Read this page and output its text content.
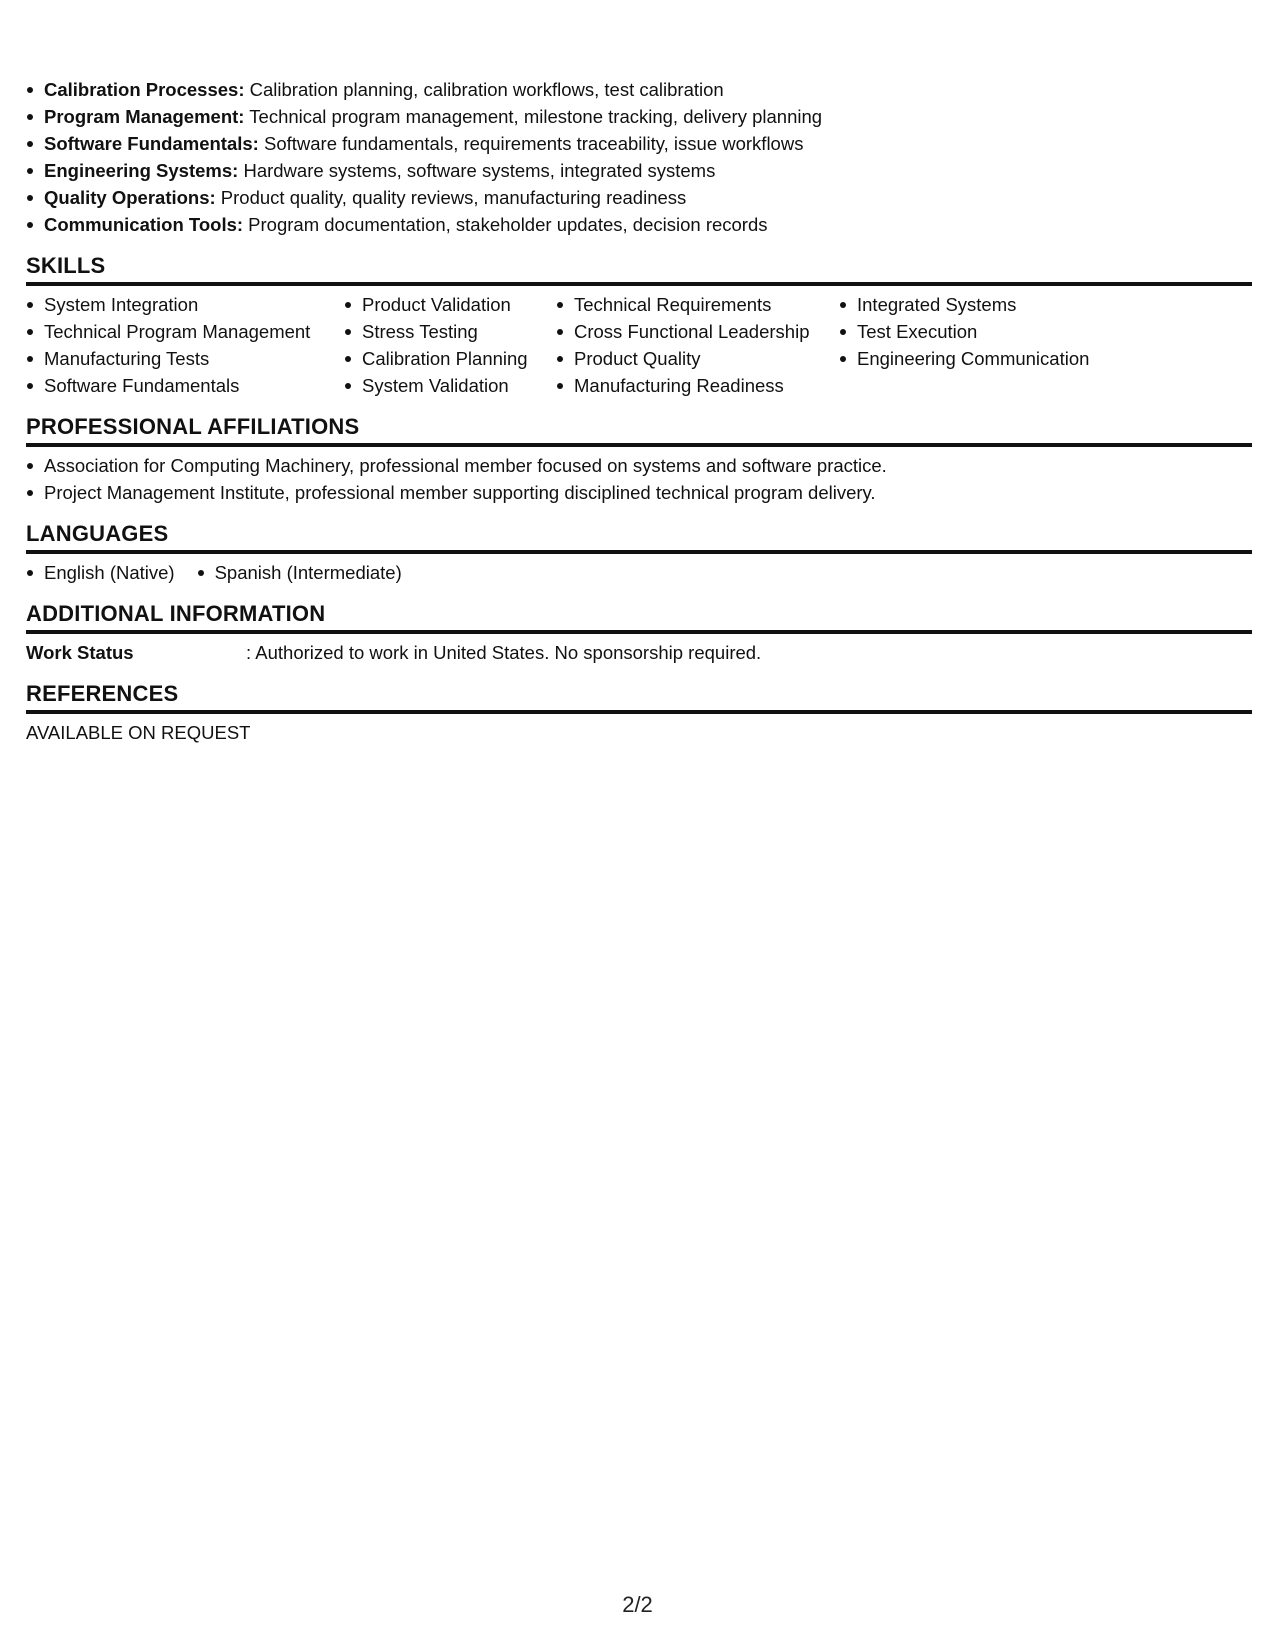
Calibration Processes: Calibration planning, calibration workflows, test calibration
Program Management: Technical program management, milestone tracking, delivery planning
Software Fundamentals: Software fundamentals, requirements traceability, issue workflows
Engineering Systems: Hardware systems, software systems, integrated systems
Quality Operations: Product quality, quality reviews, manufacturing readiness
Communication Tools: Program documentation, stakeholder updates, decision records
SKILLS
System Integration
Technical Program Management
Manufacturing Tests
Software Fundamentals
Product Validation
Stress Testing
Calibration Planning
System Validation
Technical Requirements
Cross Functional Leadership
Product Quality
Manufacturing Readiness
Integrated Systems
Test Execution
Engineering Communication
PROFESSIONAL AFFILIATIONS
Association for Computing Machinery, professional member focused on systems and software practice.
Project Management Institute, professional member supporting disciplined technical program delivery.
LANGUAGES
English (Native)	Spanish (Intermediate)
ADDITIONAL INFORMATION
Work Status	: Authorized to work in United States. No sponsorship required.
REFERENCES
AVAILABLE ON REQUEST
2/2
